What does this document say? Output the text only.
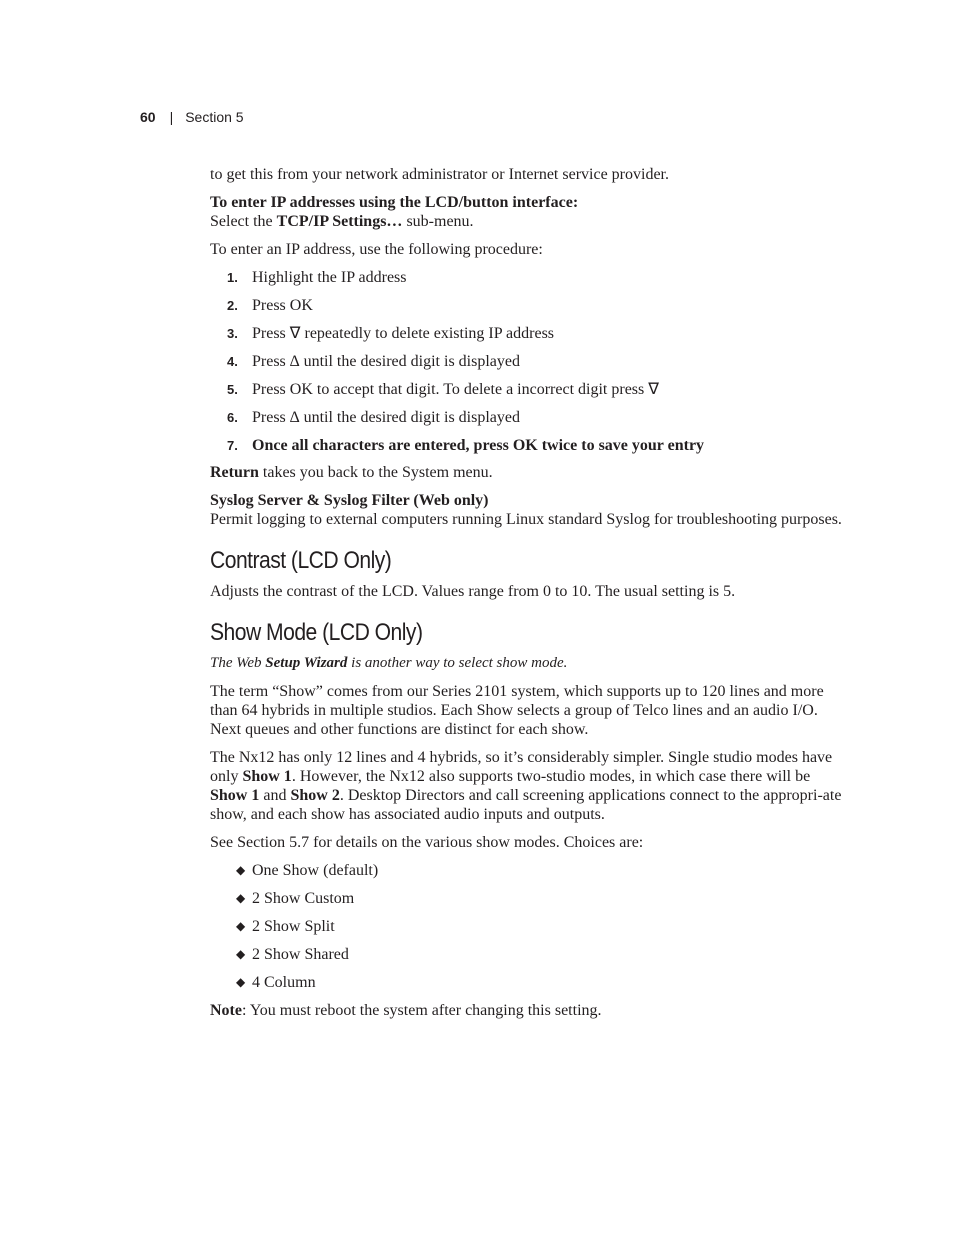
60 | Section 5

to get this from your network administrator or Internet service provider.

To enter IP addresses using the LCD/button interface:

Select the TCP/IP Settings… sub-menu.

To enter an IP address, use the following procedure:

1. Highlight the IP address
2. Press OK
3. Press ∇ repeatedly to delete existing IP address
4. Press ∆ until the desired digit is displayed
5. Press OK to accept that digit. To delete a incorrect digit press ∇
6. Press ∆ until the desired digit is displayed
7. Once all characters are entered, press OK twice to save your entry

Return takes you back to the System menu.

Syslog Server & Syslog Filter (Web only)

Permit logging to external computers running Linux standard Syslog for troubleshooting purposes.

Contrast (LCD Only)

Adjusts the contrast of the LCD. Values range from 0 to 10. The usual setting is 5.

Show Mode (LCD Only)

The Web Setup Wizard is another way to select show mode.

The term “Show” comes from our Series 2101 system, which supports up to 120 lines and more than 64 hybrids in multiple studios. Each Show selects a group of Telco lines and an audio I/O. Next queues and other functions are distinct for each show.

The Nx12 has only 12 lines and 4 hybrids, so it’s considerably simpler. Single studio modes have only Show 1. However, the Nx12 also supports two-studio modes, in which case there will be Show 1 and Show 2. Desktop Directors and call screening applications connect to the appropri-ate show, and each show has associated audio inputs and outputs.

See Section 5.7 for details on the various show modes. Choices are:

◆ One Show (default)
◆ 2 Show Custom
◆ 2 Show Split
◆ 2 Show Shared
◆ 4 Column

Note: You must reboot the system after changing this setting.
